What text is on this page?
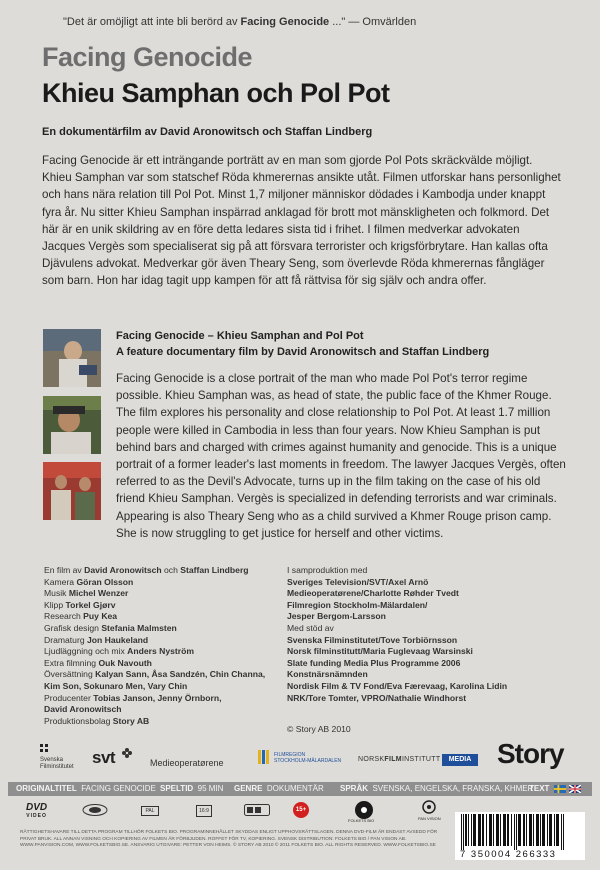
"Det är omöjligt att inte bli berörd av Facing Genocide ..." — Omvärlden
Facing Genocide
Khieu Samphan och Pol Pot
En dokumentärfilm av David Aronowitsch och Staffan Lindberg
Facing Genocide är ett inträngande porträtt av en man som gjorde Pol Pots skräckvälde möjligt. Khieu Samphan var som statschef Röda khmerernas ansikte utåt. Filmen utforskar hans personlighet och hans nära relation till Pol Pot. Minst 1,7 miljoner människor dödades i Kambodja under knappt fyra år. Nu sitter Khieu Samphan inspärrad anklagad för brott mot mänskligheten och folkmord. Det här är en unik skildring av en före detta ledares sista tid i frihet. I filmen medverkar advokaten Jacques Vergès som specialiserat sig på att försvara terrorister och krigsförbrytare. Han kallas ofta Djävulens advokat. Medverkar gör även Theary Seng, som överlevde Röda khmerernas fångläger som barn. Hon har idag tagit upp kampen för att få rättvisa för sig själv och andra offer.
Facing Genocide – Khieu Samphan and Pol Pot
A feature documentary film by David Aronowitsch and Staffan Lindberg
Facing Genocide is a close portrait of the man who made Pol Pot's terror regime possible. Khieu Samphan was, as head of state, the public face of the Khmer Rouge. The film explores his personality and close relationship to Pol Pot. At least 1.7 million people were killed in Cambodia in less than four years. Now Khieu Samphan is put behind bars and charged with crimes against humanity and genocide. This is a unique portrait of a former leader's last moments in freedom. The lawyer Jacques Vergès, often referred to as the Devil's Advocate, turns up in the film taking on the case of his old friend Khieu Samphan. Vergès is specialized in defending terrorists and war criminals. Appearing is also Theary Seng who as a child survived a Khmer Rouge prison camp. She is now struggling to get justice for herself and other victims.
En film av David Aronowitsch och Staffan Lindberg
Kamera Göran Olsson
Musik Michel Wenzer
Klipp Torkel Gjørv
Research Puy Kea
Grafisk design Stefania Malmsten
Dramaturg Jon Haukeland
Ljudläggning och mix Anders Nyström
Extra filmning Ouk Navouth
Översättning Kalyan Sann, Åsa Sandzén, Chin Channa,
Kim Son, Sokunaro Men, Vary Chin
Producenter Tobias Janson, Jenny Örnborn,
David Aronowitsch
Produktionsbolag Story AB
I samproduktion med
Sveriges Television/SVT/Axel Arnö
Medieoperatørene/Charlotte Røhder Tvedt
Filmregion Stockholm-Mälardalen/
Jesper Bergom-Larsson
Med stöd av
Svenska Filminstitutet/Tove Torbiörnsson
Norsk filminstitutt/Maria Fuglevaag Warsinski
Slate funding Media Plus Programme 2006
Konstnärsnämnden
Nordisk Film & TV Fond/Eva Færevaag, Karolina Lidin
NRK/Tore Tomter, VPRO/Nathalie Windhorst
© Story AB 2010
Svenska
Filminstitutet svt	Medieoperatørene
FILMREGION
STOCKHOLM-MÄLARDALEN NORSKFILMINSTITUTT	MEDIA Story
ORIGINALTITEL FACING GENOCIDE SPELTID 95 MIN GENRE DOKUMENTÄR SPRÅK SVENSKA, ENGELSKA, FRANSKA, KHMER
TEXT
DVD
VIDEO
PAL	16:9	15+
FOLKETS BIO	PAN VISION
RÄTTIGHETSHAVARE TILL DETTA PROGRAM TILLHÖR FOLKETS BIO. PROGRAMINNEHÅLLET SKYDDAS ENLIGT UPPHOVSRÄTTSLAGEN. DENNA DVD-FILM ÄR ENDAST AVSEDD FÖR PRIVAT BRUK. ALL ANNAN VISNING OCH KOPIERING AV FILMEN ÄR FÖRBJUDEN. ROFFET FÖR TV, KOPIERING. SVENSK DISTRIBUTION: FOLKETS BIO / PAN VISION AB. WWW.PANVISION.COM, WWW.FOLKETSBIO.SE. ANSVARIG UTGIVARE: PETTER VON HEIMS. © STORY AB 2010 © 2011 FOLKETS BIO. ALL RIGHTS RESERVED. WWW.FOLKETSBIO.SE
7 350004 266333
